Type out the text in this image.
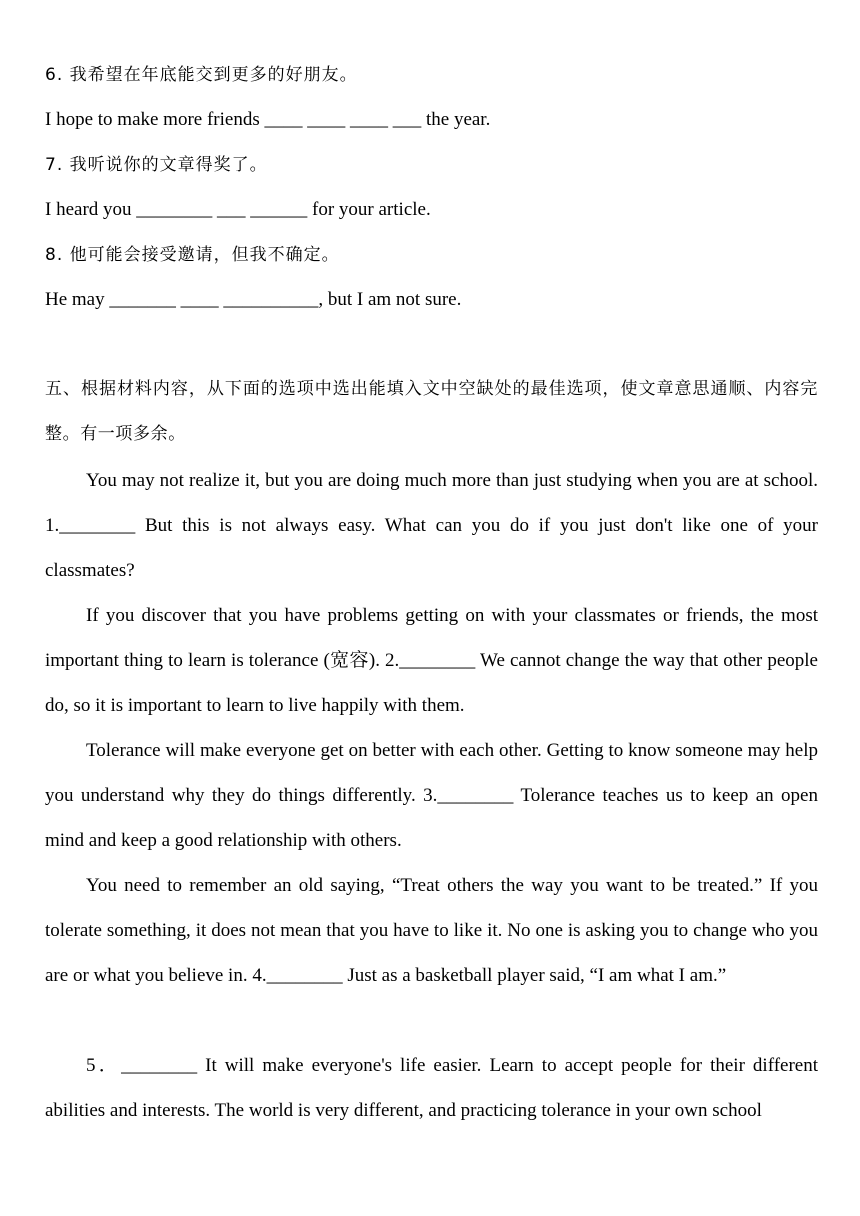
6. 我希望在年底能交到更多的好朋友。
I hope to make more friends ____ ____ ____ ___ the year.
7. 我听说你的文章得奖了。
I heard you ________ ___ ______ for your article.
8. 他可能会接受邀请，但我不确定。
He may _______ ____ __________, but I am not sure.

五、根据材料内容，从下面的选项中选出能填入文中空缺处的最佳选项，使文章意思通顺、内容完整。有一项多余。

You may not realize it, but you are doing much more than just studying when you are at school. 1.________ But this is not always easy. What can you do if you just don't like one of your classmates?

If you discover that you have problems getting on with your classmates or friends, the most important thing to learn is tolerance (宽容). 2.________ We cannot change the way that other people do, so it is important to learn to live happily with them.

Tolerance will make everyone get on better with each other. Getting to know someone may help you understand why they do things differently. 3.________ Tolerance teaches us to keep an open mind and keep a good relationship with others.

You need to remember an old saying, “Treat others the way you want to be treated.” If you tolerate something, it does not mean that you have to like it. No one is asking you to change who you are or what you believe in. 4.________ Just as a basketball player said, “I am what I am.”

5．________ It will make everyone's life easier. Learn to accept people for their different abilities and interests. The world is very different, and practicing tolerance in your own school
